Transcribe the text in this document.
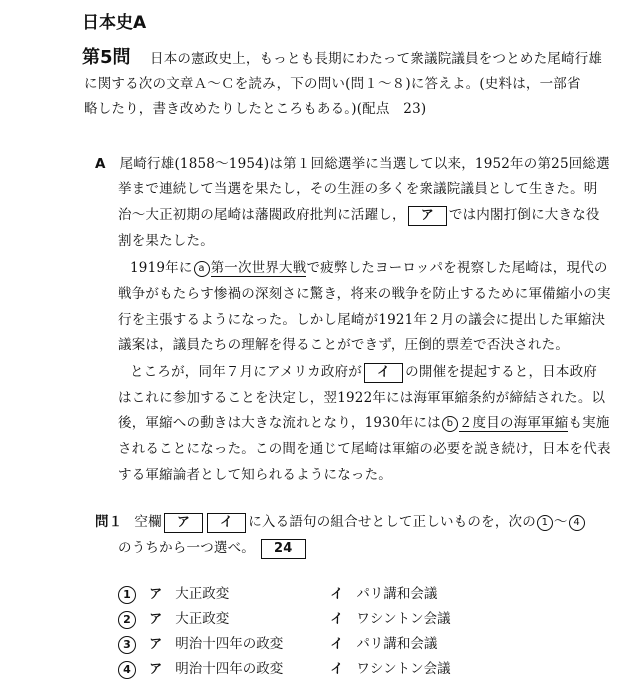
日本史A
第5問 日本の憲政史上，もっとも長期にわたって衆議院議員をつとめた尾崎行雄
に関する次の文章Ａ～Ｃを読み，下の問い(問１～８)に答えよ。(史料は，一部省
略したり，書き改めたりしたところもある。)(配点　23)
A 尾崎行雄(1858～1954)は第１回総選挙に当選して以来，1952年の第25回総選
挙まで連続して当選を果たし，その生涯の多くを衆議院議員として生きた。明
治～大正初期の尾崎は藩閥政府批判に活躍し， ア では内閣打倒に大きな役
割を果たした。
1919年に a 第一次世界大戦で疲弊したヨーロッパを視察した尾崎は，現代の
戦争がもたらす惨禍の深刻さに驚き，将来の戦争を防止するために軍備縮小の実
行を主張するようになった。しかし尾崎が1921年２月の議会に提出した軍縮決
議案は，議員たちの理解を得ることができず，圧倒的票差で否決された。
ところが，同年７月にアメリカ政府が イ の開催を提起すると，日本政府
はこれに参加することを決定し，翌1922年には海軍軍縮条約が締結された。以
後，軍縮への動きは大きな流れとなり，1930年には b ２度目の海軍軍縮も実施
されることになった。この間を通じて尾崎は軍縮の必要を説き続け，日本を代表
する軍縮論者として知られるようになった。
問１ 空欄 ア イ に入る語句の組合せとして正しいものを，次の 1 ～ 4
のうちから一つ選べ。 24
1 ア 大正政変	イ パリ講和会議
2 ア 大正政変	イ ワシントン会議
3 ア 明治十四年の政変	イ パリ講和会議
4 ア 明治十四年の政変	イ ワシントン会議
